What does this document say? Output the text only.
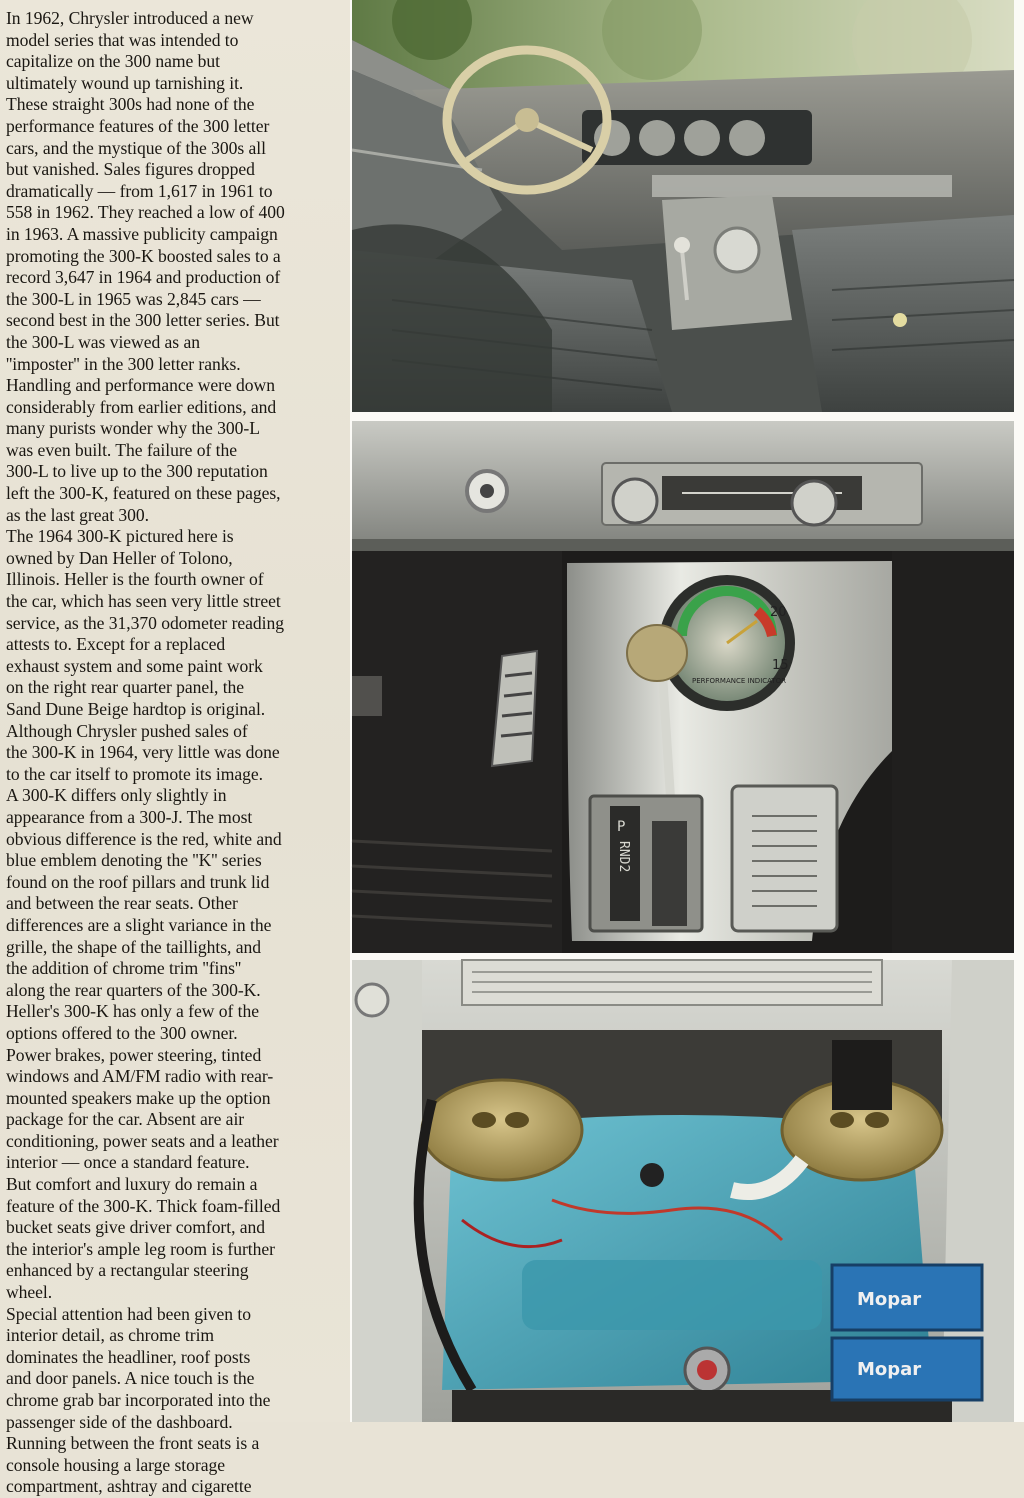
In 1962, Chrysler introduced a new
model series that was intended to
capitalize on the 300 name but
ultimately wound up tarnishing it.
These straight 300s had none of the
performance features of the 300 letter
cars, and the mystique of the 300s all
but vanished. Sales figures dropped
dramatically — from 1,617 in 1961 to
558 in 1962. They reached a low of 400
in 1963. A massive publicity campaign
promoting the 300-K boosted sales to a
record 3,647 in 1964 and production of
the 300-L in 1965 was 2,845 cars —
second best in the 300 letter series. But
the 300-L was viewed as an
''imposter'' in the 300 letter ranks.
Handling and performance were down
considerably from earlier editions, and
many purists wonder why the 300-L
was even built. The failure of the
300-L to live up to the 300 reputation
left the 300-K, featured on these pages,
as the last great 300.

The 1964 300-K pictured here is
owned by Dan Heller of Tolono,
Illinois. Heller is the fourth owner of
the car, which has seen very little street
service, as the 31,370 odometer reading
attests to. Except for a replaced
exhaust system and some paint work
on the right rear quarter panel, the
Sand Dune Beige hardtop is original.

Although Chrysler pushed sales of
the 300-K in 1964, very little was done
to the car itself to promote its image.
A 300-K differs only slightly in
appearance from a 300-J. The most
obvious difference is the red, white and
blue emblem denoting the ''K'' series
found on the roof pillars and trunk lid
and between the rear seats. Other
differences are a slight variance in the
grille, the shape of the taillights, and
the addition of chrome trim ''fins''
along the rear quarters of the 300-K.

Heller's 300-K has only a few of the
options offered to the 300 owner.
Power brakes, power steering, tinted
windows and AM/FM radio with rear-
mounted speakers make up the option
package for the car. Absent are air
conditioning, power seats and a leather
interior — once a standard feature.
But comfort and luxury do remain a
feature of the 300-K. Thick foam-filled
bucket seats give driver comfort, and
the interior's ample leg room is further
enhanced by a rectangular steering
wheel.

Special attention had been given to
interior detail, as chrome trim
dominates the headliner, roof posts
and door panels. A nice touch is the
chrome grab bar incorporated into the
passenger side of the dashboard.
Running between the front seats is a
console housing a large storage
compartment, ashtray and cigarette

20
15
PERFORMANCE INDICATOR
P
RND2
Mopar
Mopar
